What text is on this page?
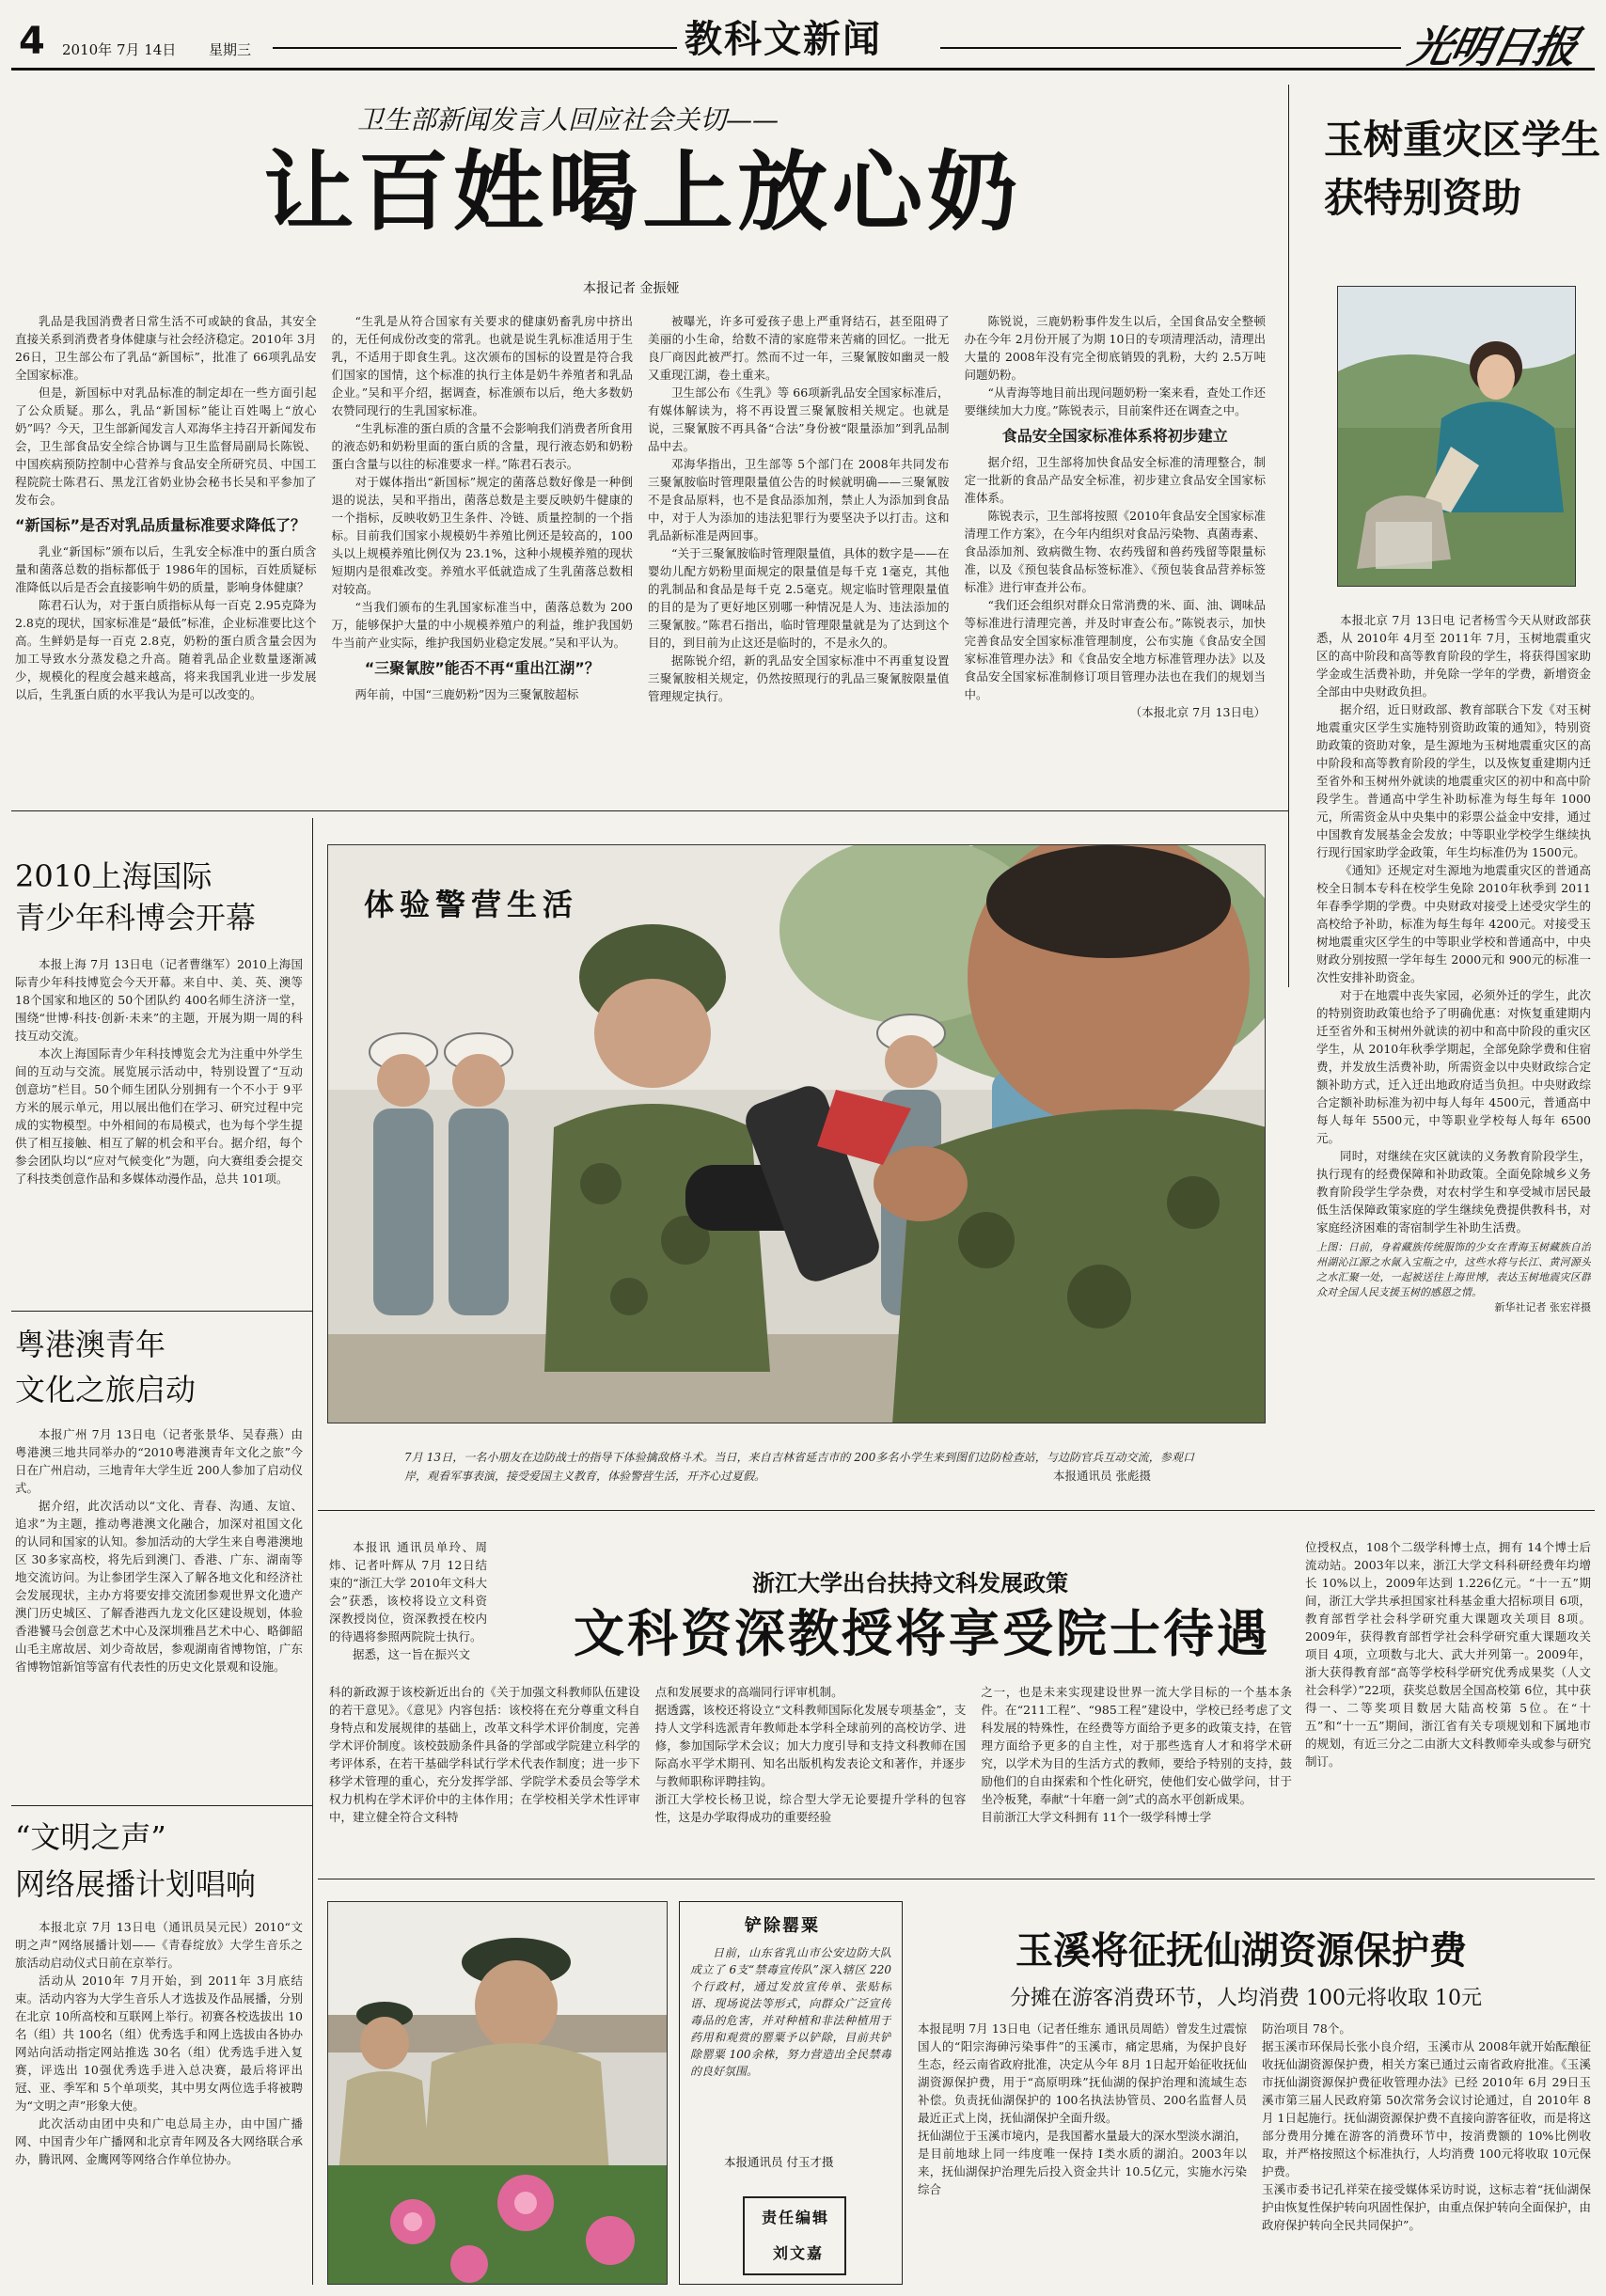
4 2010年 7月 14日 星期三	教科文新闻	光明日报
卫生部新闻发言人回应社会关切——
让百姓喝上放心奶
本报记者 金振娅

乳品是我国消费者日常生活不可或缺的食品，其安全直接关系到消费者身体健康与社会经济稳定。2010年 3月 26日，卫生部公布了乳品“新国标”，批准了 66项乳品安全国家标准。

但是，新国标中对乳品标准的制定却在一些方面引起了公众质疑。那么，乳品“新国标”能让百姓喝上“放心奶”吗？今天，卫生部新闻发言人邓海华主持召开新闻发布会，卫生部食品安全综合协调与卫生监督局副局长陈锐、中国疾病预防控制中心营养与食品安全所研究员、中国工程院院士陈君石、黑龙江省奶业协会秘书长吴和平参加了发布会。

“新国标”是否对乳品质量标准要求降低了？

乳业“新国标”颁布以后，生乳安全标准中的蛋白质含量和菌落总数的指标都低于 1986年的国标，百姓质疑标准降低以后是否会直接影响牛奶的质量，影响身体健康？

陈君石认为，对于蛋白质指标从每一百克 2.95克降为 2.8克的现状，国家标准是“最低”标准，企业标准要比这个高。生鲜奶是每一百克 2.8克，奶粉的蛋白质含量会因为加工导致水分蒸发稳之升高。随着乳品企业数量逐渐减少，规模化的程度会越来越高，将来我国乳业进一步发展以后，生乳蛋白质的水平我认为是可以改变的。

“生乳是从符合国家有关要求的健康奶畜乳房中挤出的，无任何成份改变的常乳。也就是说生乳标准适用于生乳，不适用于即食生乳。这次颁布的国标的设置是符合我们国家的国情，这个标准的执行主体是奶牛养殖者和乳品企业。”吴和平介绍，据调查，标准颁布以后，绝大多数奶农赞同现行的生乳国家标准。

“生乳标准的蛋白质的含量不会影响我们消费者所食用的液态奶和奶粉里面的蛋白质的含量，现行液态奶和奶粉蛋白含量与以往的标准要求一样。”陈君石表示。

对于媒体指出“新国标”规定的菌落总数好像是一种倒退的说法，吴和平指出，菌落总数是主要反映奶牛健康的一个指标，反映收奶卫生条件、冷链、质量控制的一个指标。目前我们国家小规模奶牛养殖比例还是较高的，100头以上规模养殖比例仅为 23.1%，这种小规模养殖的现状短期内是很难改变。养殖水平低就造成了生乳菌落总数相对较高。

“当我们颁布的生乳国家标准当中，菌落总数为 200万，能够保护大量的中小规模养殖户的利益，维护我国奶牛当前产业实际，维护我国奶业稳定发展。”吴和平认为。

“三聚氰胺”能否不再“重出江湖”？

两年前，中国“三鹿奶粉”因为三聚氰胺超标

被曝光，许多可爱孩子患上严重肾结石，甚至阻碍了美丽的小生命，给数不清的家庭带来苦痛的回忆。一批无良厂商因此被严打。然而不过一年，三聚氰胺如幽灵一般又重现江湖，卷土重来。

卫生部公布《生乳》等 66项新乳品安全国家标准后，有媒体解读为，将不再设置三聚氰胺相关规定。也就是说，三聚氰胺不再具备“合法”身份被“限量添加”到乳品制品中去。

邓海华指出，卫生部等 5个部门在 2008年共同发布三聚氰胺临时管理限量值公告的时候就明确——三聚氰胺不是食品原料，也不是食品添加剂，禁止人为添加到食品中，对于人为添加的违法犯罪行为要坚决予以打击。这和乳品新标准是两回事。

“关于三聚氰胺临时管理限量值，具体的数字是——在婴幼儿配方奶粉里面规定的限量值是每千克 1毫克，其他的乳制品和食品是每千克 2.5毫克。规定临时管理限量值的目的是为了更好地区别哪一种情况是人为、违法添加的三聚氰胺。”陈君石指出，临时管理限量就是为了达到这个目的，到目前为止这还是临时的，不是永久的。

据陈锐介绍，新的乳品安全国家标准中不再重复设置三聚氰胺相关规定，仍然按照现行的乳品三聚氰胺限量值管理规定执行。

陈锐说，三鹿奶粉事件发生以后，全国食品安全整顿办在今年 2月份开展了为期 10日的专项清理活动，清理出大量的 2008年没有完全彻底销毁的乳粉，大约 2.5万吨问题奶粉。

“从青海等地目前出现问题奶粉一案来看，查处工作还要继续加大力度。”陈锐表示，目前案件还在调查之中。

食品安全国家标准体系将初步建立

据介绍，卫生部将加快食品安全标准的清理整合，制定一批新的食品产品安全标准，初步建立食品安全国家标准体系。

陈锐表示，卫生部将按照《2010年食品安全国家标准清理工作方案》，在今年内组织对食品污染物、真菌毒素、食品添加剂、致病微生物、农药残留和兽药残留等限量标准，以及《预包装食品标签标准》、《预包装食品营养标签标准》进行审查并公布。

“我们还会组织对群众日常消费的米、面、油、调味品等标准进行清理完善，并及时审查公布。”陈锐表示，加快完善食品安全国家标准管理制度，公布实施《食品安全国家标准管理办法》和《食品安全地方标准管理办法》以及食品安全国家标准制修订项目管理办法也在我们的规划当中。

（本报北京 7月 13日电）
玉树重灾区学生
获特别资助

本报北京 7月 13日电 记者杨雪今天从财政部获悉，从 2010年 4月至 2011年 7月，玉树地震重灾区的高中阶段和高等教育阶段的学生，将获得国家助学金或生活费补助，并免除一学年的学费，新增资金全部由中央财政负担。

据介绍，近日财政部、教育部联合下发《对玉树地震重灾区学生实施特别资助政策的通知》，特别资助政策的资助对象，是生源地为玉树地震重灾区的高中阶段和高等教育阶段的学生，以及恢复重建期内迁至省外和玉树州外就读的地震重灾区的初中和高中阶段学生。普通高中学生补助标准为每生每年 1000元，所需资金从中央集中的彩票公益金中安排，通过中国教育发展基金会发放；中等职业学校学生继续执行现行国家助学金政策，年生均标准仍为 1500元。

《通知》还规定对生源地为地震重灾区的普通高校全日制本专科在校学生免除 2010年秋季到 2011年春季学期的学费。中央财政对接受上述受灾学生的高校给予补助，标准为每生每年 4200元。对接受玉树地震重灾区学生的中等职业学校和普通高中，中央财政分别按照一学年每生 2000元和 900元的标准一次性安排补助资金。

对于在地震中丧失家园，必须外迁的学生，此次的特别资助政策也给予了明确优惠：对恢复重建期内迁至省外和玉树州外就读的初中和高中阶段的重灾区学生，从 2010年秋季学期起，全部免除学费和住宿费，并发放生活费补助，所需资金以中央财政综合定额补助方式，迁入迁出地政府适当负担。中央财政综合定额补助标准为初中每人每年 4500元，普通高中每人每年 5500元，中等职业学校每人每年 6500元。

同时，对继续在灾区就读的义务教育阶段学生，执行现有的经费保障和补助政策。全面免除城乡义务教育阶段学生学杂费，对农村学生和享受城市居民最低生活保障政策家庭的学生继续免费提供教科书，对家庭经济困难的寄宿制学生补助生活费。

上图：日前，身着藏族传统服饰的少女在青海玉树藏族自治州湖沁江源之水氤入宝瓶之中，这些水将与长江、黄河源头之水汇聚一处，一起被送往上海世博，表达玉树地震灾区群众对全国人民支援玉树的感恩之情。
新华社记者 张宏祥摄
2010上海国际
青少年科博会开幕

本报上海 7月 13日电（记者曹继军）2010上海国际青少年科技博览会今天开幕。来自中、美、英、澳等 18个国家和地区的 50个团队约 400名师生济济一堂，围绕“世博·科技·创新·未来”的主题，开展为期一周的科技互动交流。

本次上海国际青少年科技博览会尤为注重中外学生间的互动与交流。展览展示活动中，特别设置了“互动创意坊”栏目。50个师生团队分别拥有一个不小于 9平方米的展示单元，用以展出他们在学习、研究过程中完成的实物模型。中外相间的布局模式，也为每个学生提供了相互接触、相互了解的机会和平台。据介绍，每个参会团队均以“应对气候变化”为题，向大赛组委会提交了科技类创意作品和多媒体动漫作品，总共 101项。

粤港澳青年
文化之旅启动

本报广州 7月 13日电（记者张景华、吴春燕）由粤港澳三地共同举办的“2010粤港澳青年文化之旅”今日在广州启动，三地青年大学生近 200人参加了启动仪式。

据介绍，此次活动以“文化、青春、沟通、友谊、追求”为主题，推动粤港澳文化融合，加深对祖国文化的认同和国家的认知。参加活动的大学生来自粤港澳地区 30多家高校，将先后到澳门、香港、广东、湖南等地交流访问。为让参团学生深入了解各地文化和经济社会发展现状，主办方将要安排交流团参观世界文化遗产澳门历史城区、了解香港西九龙文化区建设规划，体验香港饕马会创意艺术中心及深圳雅昌艺术中心、略御韶山毛主席故居、刘少奇故居，参观湖南省博物馆，广东省博物馆新馆等富有代表性的历史文化景观和设施。

“文明之声”
网络展播计划唱响

本报北京 7月 13日电（通讯员吴元民）2010“文明之声”网络展播计划——《青春绽放》大学生音乐之旅活动启动仪式日前在京举行。

活动从 2010年 7月开始，到 2011年 3月底结束。活动内容为大学生音乐人才选拔及作品展播，分别在北京 10所高校和互联网上举行。初赛各校选拔出 10名（组）共 100名（组）优秀选手和网上选拔由各协办网站向活动指定网站推选 30名（组）优秀选手进入复赛，评选出 10强优秀选手进入总决赛，最后将评出冠、亚、季军和 5个单项奖，其中男女两位选手将被聘为“文明之声”形象大使。

此次活动由团中央和广电总局主办，由中国广播网、中国青少年广播网和北京青年网及各大网络联合承办，腾讯网、金鹰网等网络合作单位协办。

体验警营生活
7月 13日，一名小朋友在边防战士的指导下体验擒敌格斗术。当日，来自吉林省延吉市的 200多名小学生来到图们边防检查站，与边防官兵互动交流，参观口岸，观看军事表演，接受爱国主义教育，体验警营生活，开齐心过夏假。	本报通讯员 张彪摄

本报讯 通讯员单玲、周炜、记者叶辉从 7月 12日结束的“浙江大学 2010年文科大会”获悉，该校将设立文科资深教授岗位，资深教授在校内的待遇将参照两院院士执行。

据悉，这一旨在振兴文

浙江大学出台扶持文科发展政策
文科资深教授将享受院士待遇
科的新政源于该校新近出台的《关于加强文科教师队伍建设的若干意见》。《意见》内容包括：该校将在充分尊重文科自身特点和发展规律的基础上，改革文科学术评价制度，完善学术评价制度。该校鼓励条件具备的学部或学院建立科学的考评体系，在若干基础学科试行学术代表作制度；进一步下移学术管理的重心，充分发挥学部、学院学术委员会等学术权力机构在学术评价中的主体作用；在学校相关学术性评审中，建立健全符合文科特
点和发展要求的高端同行评审机制。
据透露，该校还将设立“文科教师国际化发展专项基金”，支持人文学科选派青年教师赴本学科全球前列的高校访学、进修，参加国际学术会议；加大力度引导和支持文科教师在国际高水平学术期刊、知名出版机构发表论文和著作，并逐步与教师职称评聘挂钩。
浙江大学校长杨卫说，综合型大学无论要提升学科的包容性，这是办学取得成功的重要经验
之一，也是未来实现建设世界一流大学目标的一个基本条件。在“211工程”、“985工程”建设中，学校已经考虑了文科发展的特殊性，在经费等方面给予更多的政策支持，在管理方面给予更多的自主性，对于那些选育人才和将学术研究，以学术为目的生活方式的教师，要给予特别的支持，鼓励他们的自由探索和个性化研究，使他们安心做学问，甘于坐冷板凳，奉献“十年磨一剑”式的高水平创新成果。
目前浙江大学文科拥有 11个一级学科博士学
位授权点，108个二级学科博士点，拥有 14个博士后流动站。2003年以来，浙江大学文科科研经费年均增长 10%以上，2009年达到 1.226亿元。“十一五”期间，浙江大学共承担国家社科基金重大招标项目 6项，教育部哲学社会科学研究重大课题攻关项目 8项。2009年，获得教育部哲学社会科学研究重大课题攻关项目 4项，立项数与北大、武大并列第一。2009年，浙大获得教育部“高等学校科学研究优秀成果奖（人文社会科学）”22项，获奖总数居全国高校第 6位，其中获得一、二等奖项目数居大陆高校第 5位。在“十五”和“十一五”期间，浙江省有关专项规划和下属地市的规划，有近三分之二由浙大文科教师牵头或参与研究制订。
铲除罂粟
日前，山东省乳山市公安边防大队成立了 6支“禁毒宣传队”深入辖区 220个行政村，通过发放宣传单、张贴标语、现场说法等形式，向群众广泛宣传毒品的危害，并对种植和非法种植用于药用和观赏的罂粟予以铲除，目前共铲除罂粟 100余株，努力营造出全民禁毒的良好氛围。
本报通讯员 付玉才摄
责任编辑
刘文嘉
玉溪将征抚仙湖资源保护费
分摊在游客消费环节，人均消费 100元将收取 10元
本报昆明 7月 13日电（记者任维东 通讯员周皓）曾发生过震惊国人的“阳宗海砷污染事件”的玉溪市，痛定思痛，为保护良好生态，经云南省政府批准，决定从今年 8月 1日起开始征收抚仙湖资源保护费，用于“高原明珠”抚仙湖的保护治理和流域生态补偿。负责抚仙湖保护的 100名执法协管员、200名监督人员最近正式上岗，抚仙湖保护全面升级。
抚仙湖位于玉溪市境内，是我国蓄水量最大的深水型淡水湖泊，是目前地球上同一纬度唯一保持 I类水质的湖泊。2003年以来，抚仙湖保护治理先后投入资金共计 10.5亿元，实施水污染综合
防治项目 78个。
据玉溪市环保局长张小良介绍，玉溪市从 2008年就开始酝酿征收抚仙湖资源保护费，相关方案已通过云南省政府批准。《玉溪市抚仙湖资源保护费征收管理办法》已经 2010年 6月 29日玉溪市第三届人民政府第 50次常务会议讨论通过，自 2010年 8月 1日起施行。抚仙湖资源保护费不直接向游客征收，而是将这部分费用分摊在游客的消费环节中，按消费额的 10%比例收取，并严格按照这个标准执行，人均消费 100元将收取 10元保护费。
玉溪市委书记孔祥荣在接受媒体采访时说，这标志着“抚仙湖保护由恢复性保护转向巩固性保护，由重点保护转向全面保护，由政府保护转向全民共同保护”。
